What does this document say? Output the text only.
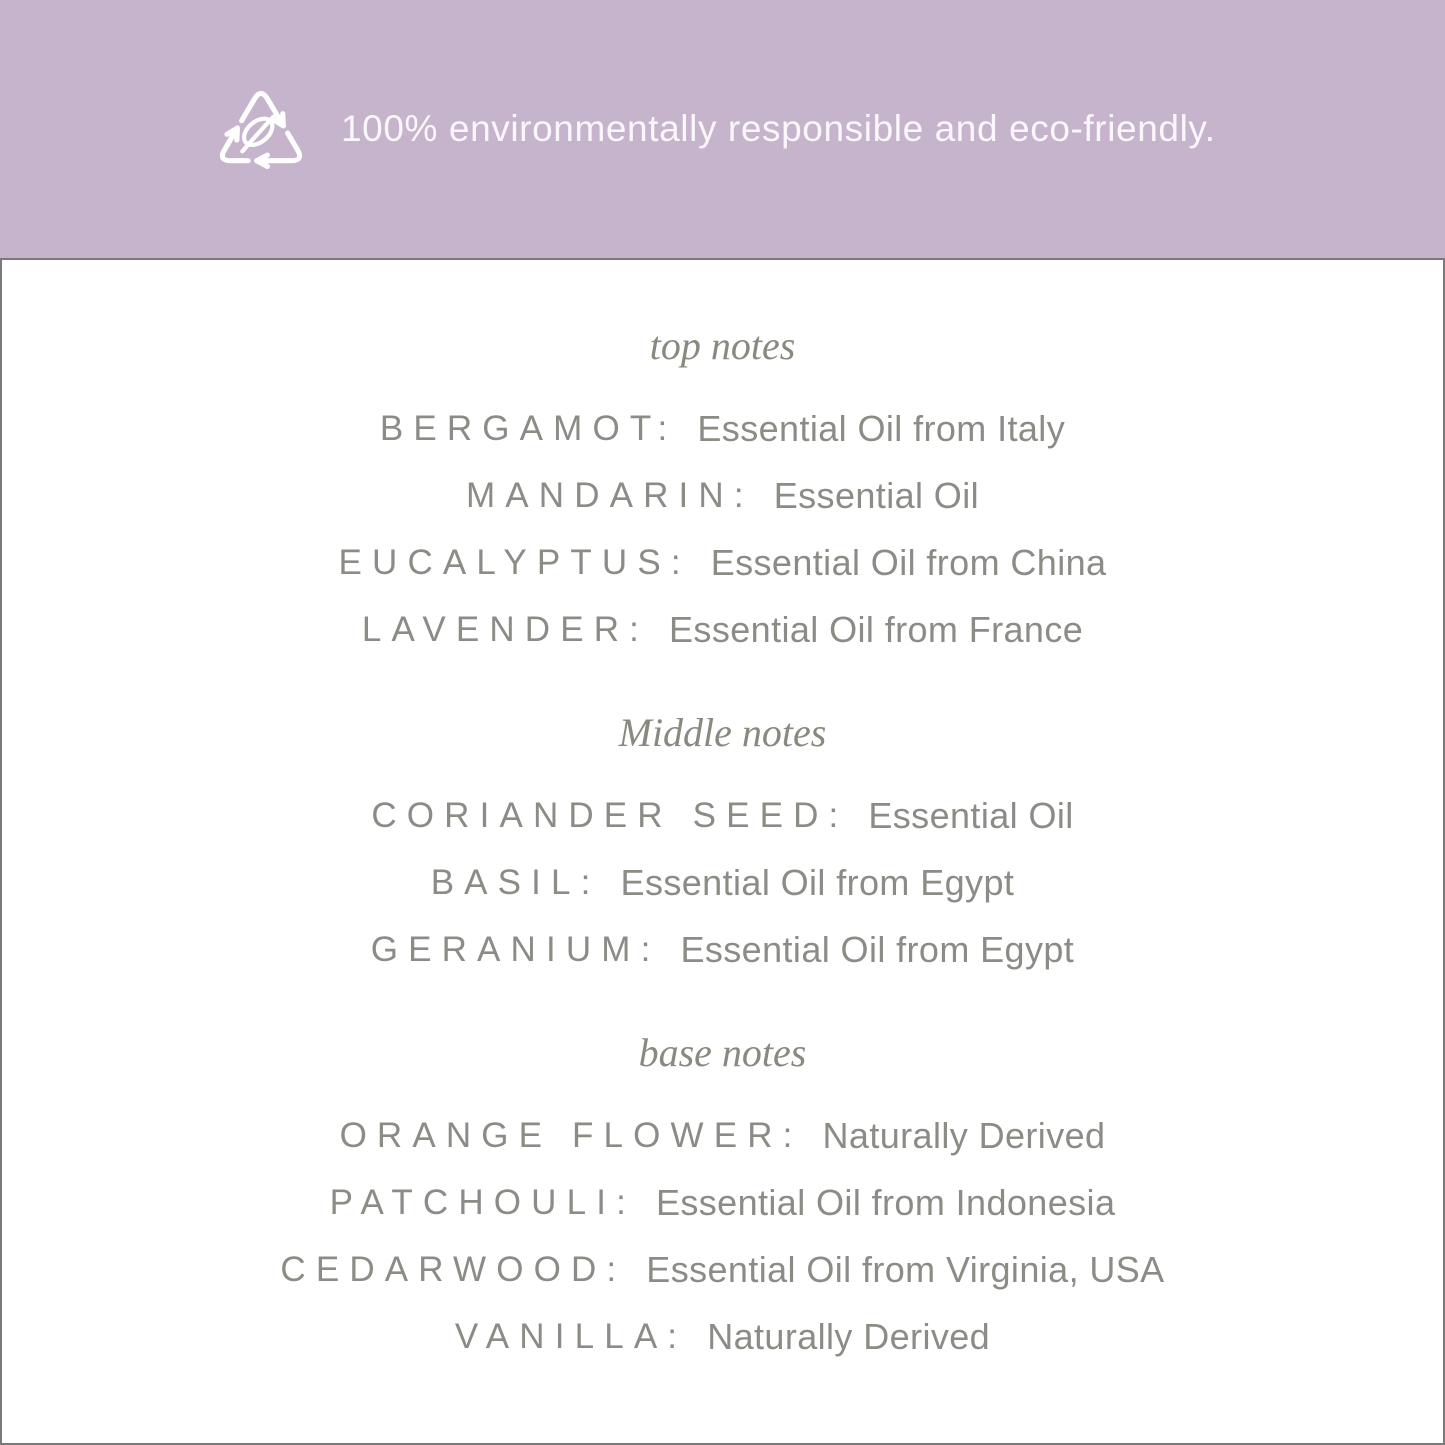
100% environmentally responsible and eco-friendly.
top notes

BERGAMOT: Essential Oil from Italy

MANDARIN: Essential Oil

EUCALYPTUS: Essential Oil from China

LAVENDER: Essential Oil from France

Middle notes

CORIANDER SEED: Essential Oil

BASIL: Essential Oil from Egypt

GERANIUM: Essential Oil from Egypt

base notes

ORANGE FLOWER: Naturally Derived

PATCHOULI: Essential Oil from Indonesia

CEDARWOOD: Essential Oil from Virginia, USA

VANILLA: Naturally Derived
